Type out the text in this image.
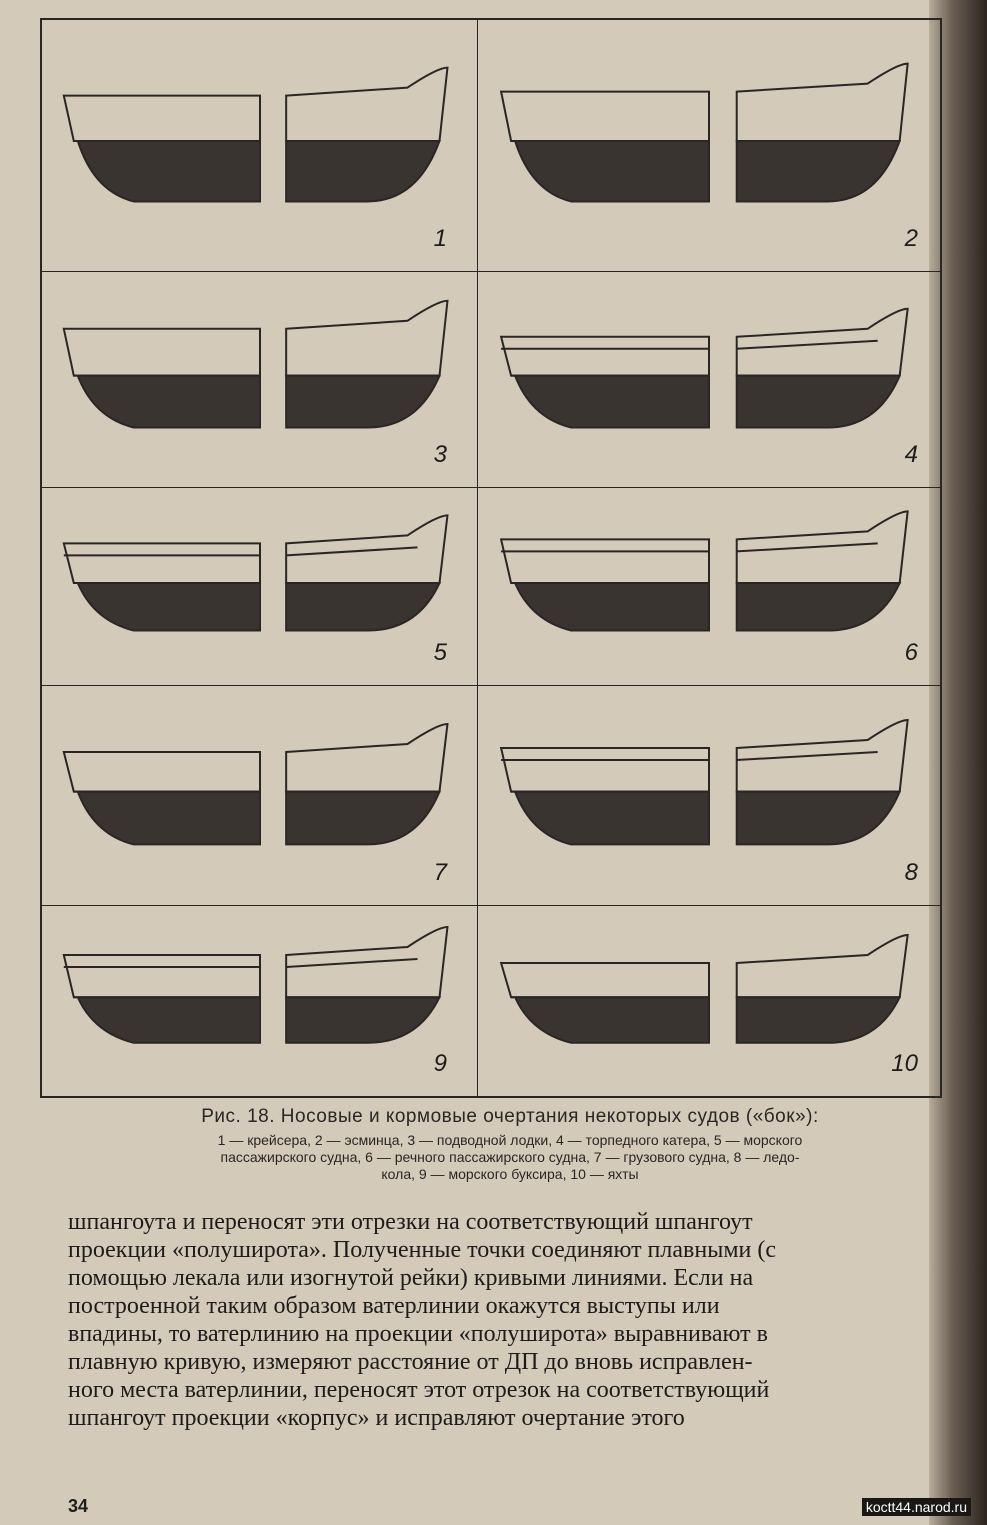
1	2
3	4
5	6
7	8
9	10
Рис. 18. Носовые и кормовые очертания некоторых судов («бок»):
1 — крейсера, 2 — эсминца, 3 — подводной лодки, 4 — торпедного катера, 5 — морского
пассажирского судна, 6 — речного пассажирского судна, 7 — грузового судна, 8 — ледо-
кола, 9 — морского буксира, 10 — яхты

шпангоута и переносят эти отрезки на соответствующий шпангоут

проекции «полуширота». Полученные точки соединяют плавными (с

помощью лекала или изогнутой рейки) кривыми линиями. Если на

построенной таким образом ватерлинии окажутся выступы или

впадины, то ватерлинию на проекции «полуширота» выравнивают в

плавную кривую, измеряют расстояние от ДП до вновь исправлен-

ного места ватерлинии, переносят этот отрезок на соответствующий

шпангоут проекции «корпус» и исправляют очертание этого

34	koctt44.narod.ru
